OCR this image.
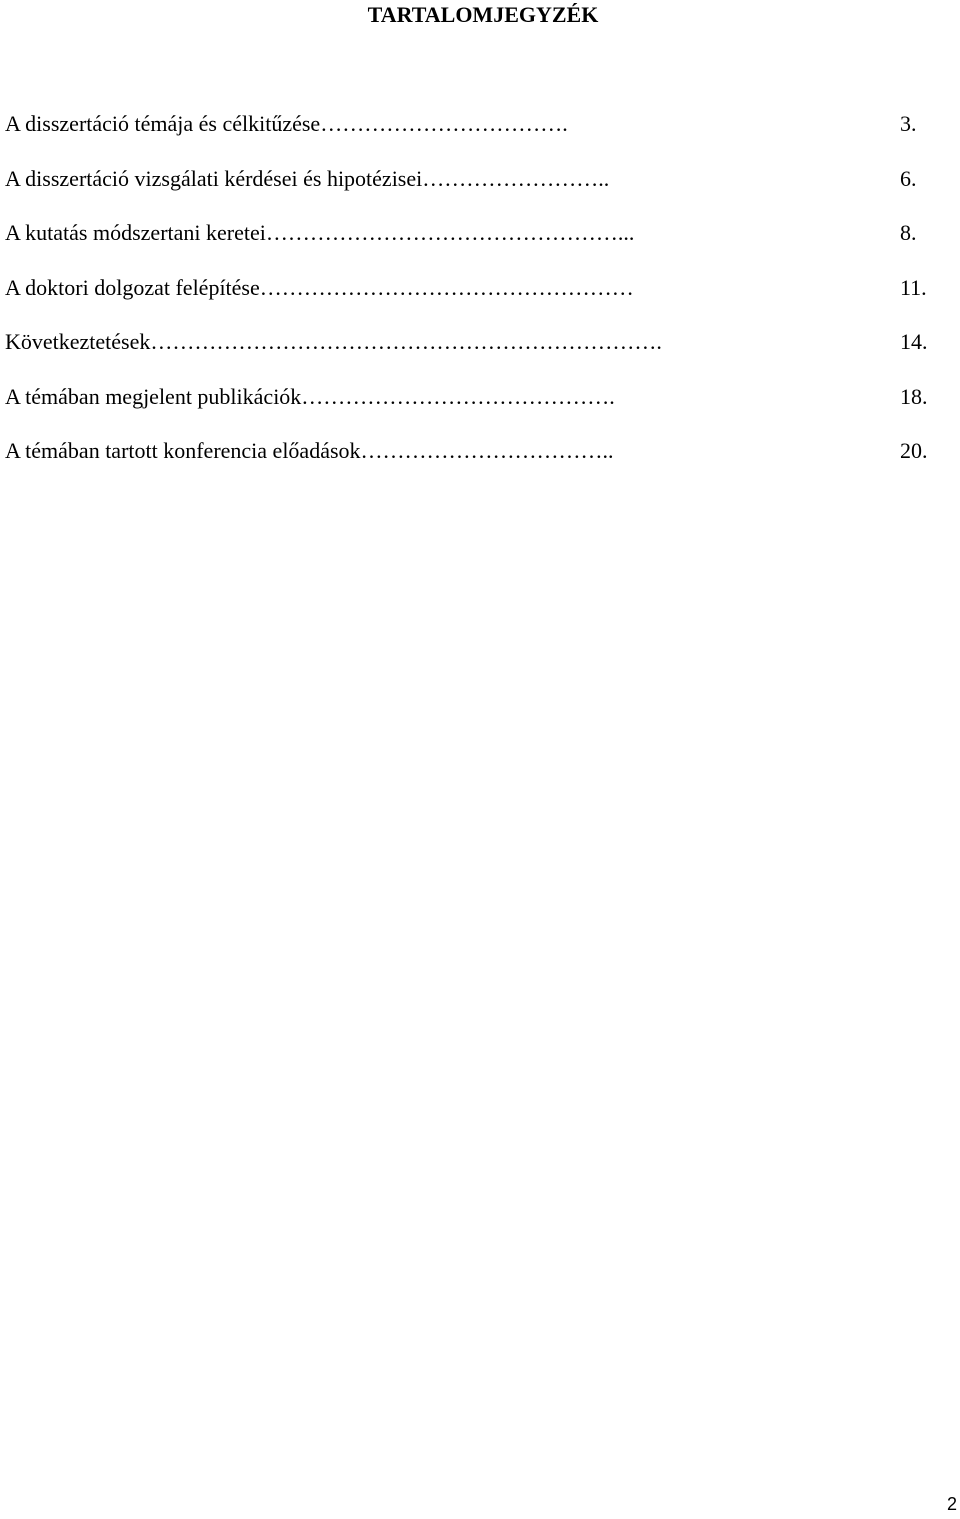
TARTALOMJEGYZÉK
A disszertáció témája és célkitűzése…………………………….	3.
A disszertáció vizsgálati kérdései és hipotézisei……………………..	6.
A kutatás módszertani keretei…………………………………………...	8.
A doktori dolgozat felépítése……………………………………………	11.
Következtetések…………………………………………………………….	14.
A témában megjelent publikációk…………………………………….	18.
A témában tartott konferencia előadások……………………………..	20.
2
